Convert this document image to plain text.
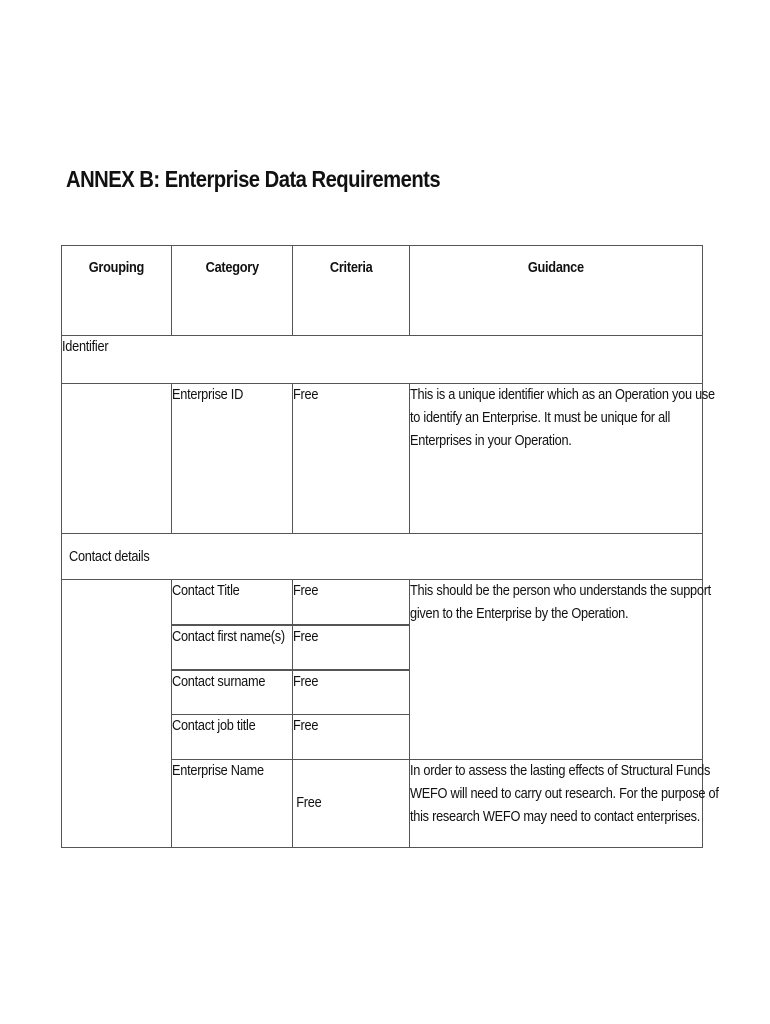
ANNEX B: Enterprise Data Requirements
Grouping	Category	Criteria	Guidance

Identifier			

	Enterprise ID	Free	This is a unique identifier which as an Operation you use
to identify an Enterprise. It must be unique for all
Enterprises in your Operation.

Contact details			

	Contact Title	Free	This should be the person who understands the support
given to the Enterprise by the Operation.

	Contact first name(s)	Free	

	Contact surname	Free	

	Contact job title	Free	

	Enterprise Name	Free	In order to assess the lasting effects of Structural Funds
WEFO will need to carry out research. For the purpose of
this research WEFO may need to contact enterprises.
